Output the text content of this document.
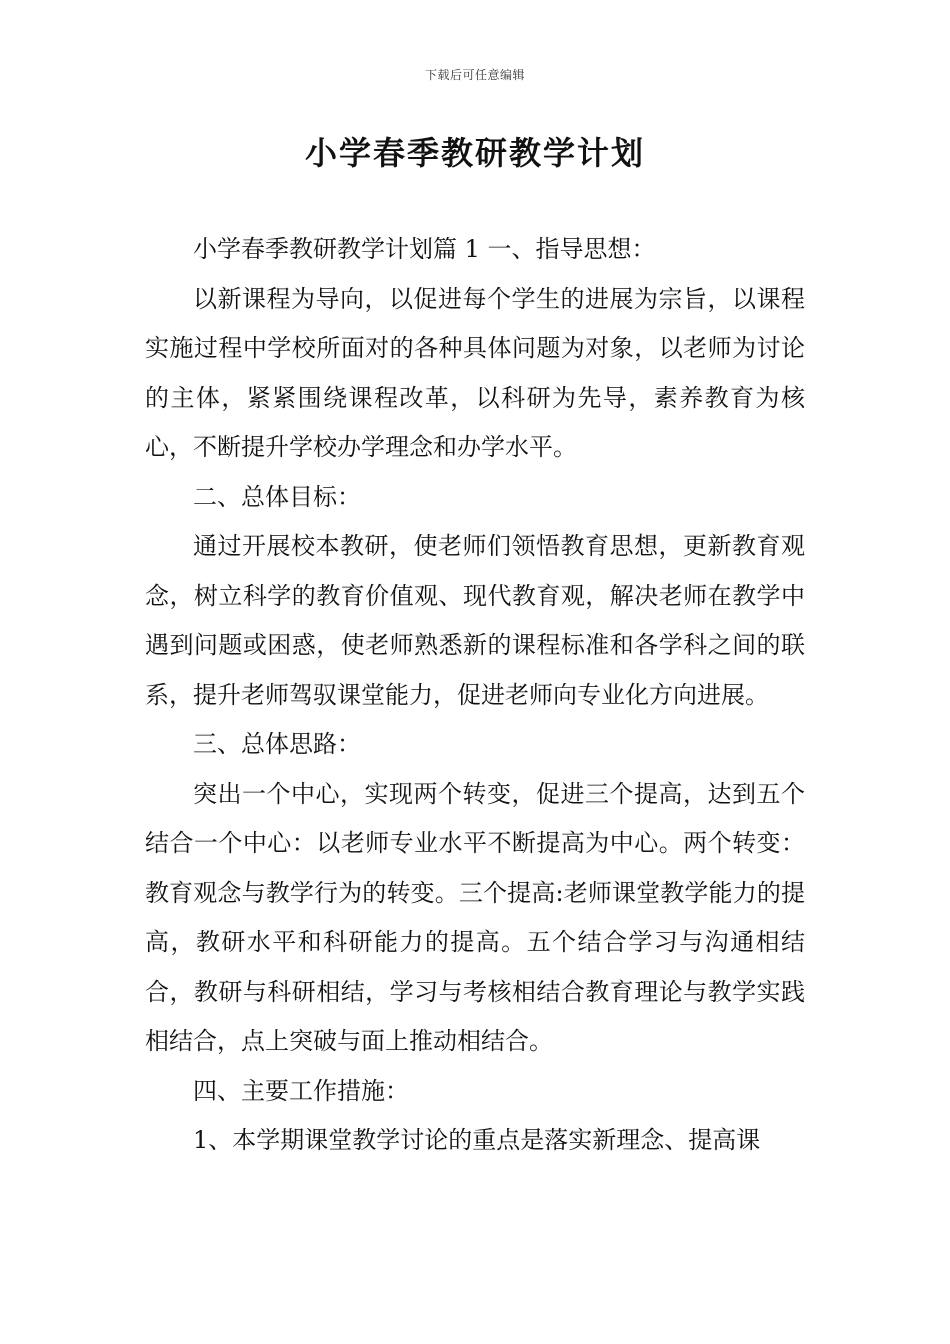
下载后可任意编辑
小学春季教研教学计划

小学春季教研教学计划篇 1 一、指导思想：

以新课程为导向，以促进每个学生的进展为宗旨，以课程实施过程中学校所面对的各种具体问题为对象，以老师为讨论的主体，紧紧围绕课程改革，以科研为先导，素养教育为核心，不断提升学校办学理念和办学水平。

二、总体目标：

通过开展校本教研，使老师们领悟教育思想，更新教育观念，树立科学的教育价值观、现代教育观，解决老师在教学中遇到问题或困惑，使老师熟悉新的课程标准和各学科之间的联系，提升老师驾驭课堂能力，促进老师向专业化方向进展。

三、总体思路：

突出一个中心，实现两个转变，促进三个提高，达到五个结合一个中心：以老师专业水平不断提高为中心。两个转变：教育观念与教学行为的转变。三个提高:老师课堂教学能力的提高，教研水平和科研能力的提高。五个结合学习与沟通相结合，教研与科研相结，学习与考核相结合教育理论与教学实践相结合，点上突破与面上推动相结合。

四、主要工作措施：

1、本学期课堂教学讨论的重点是落实新理念、提高课
